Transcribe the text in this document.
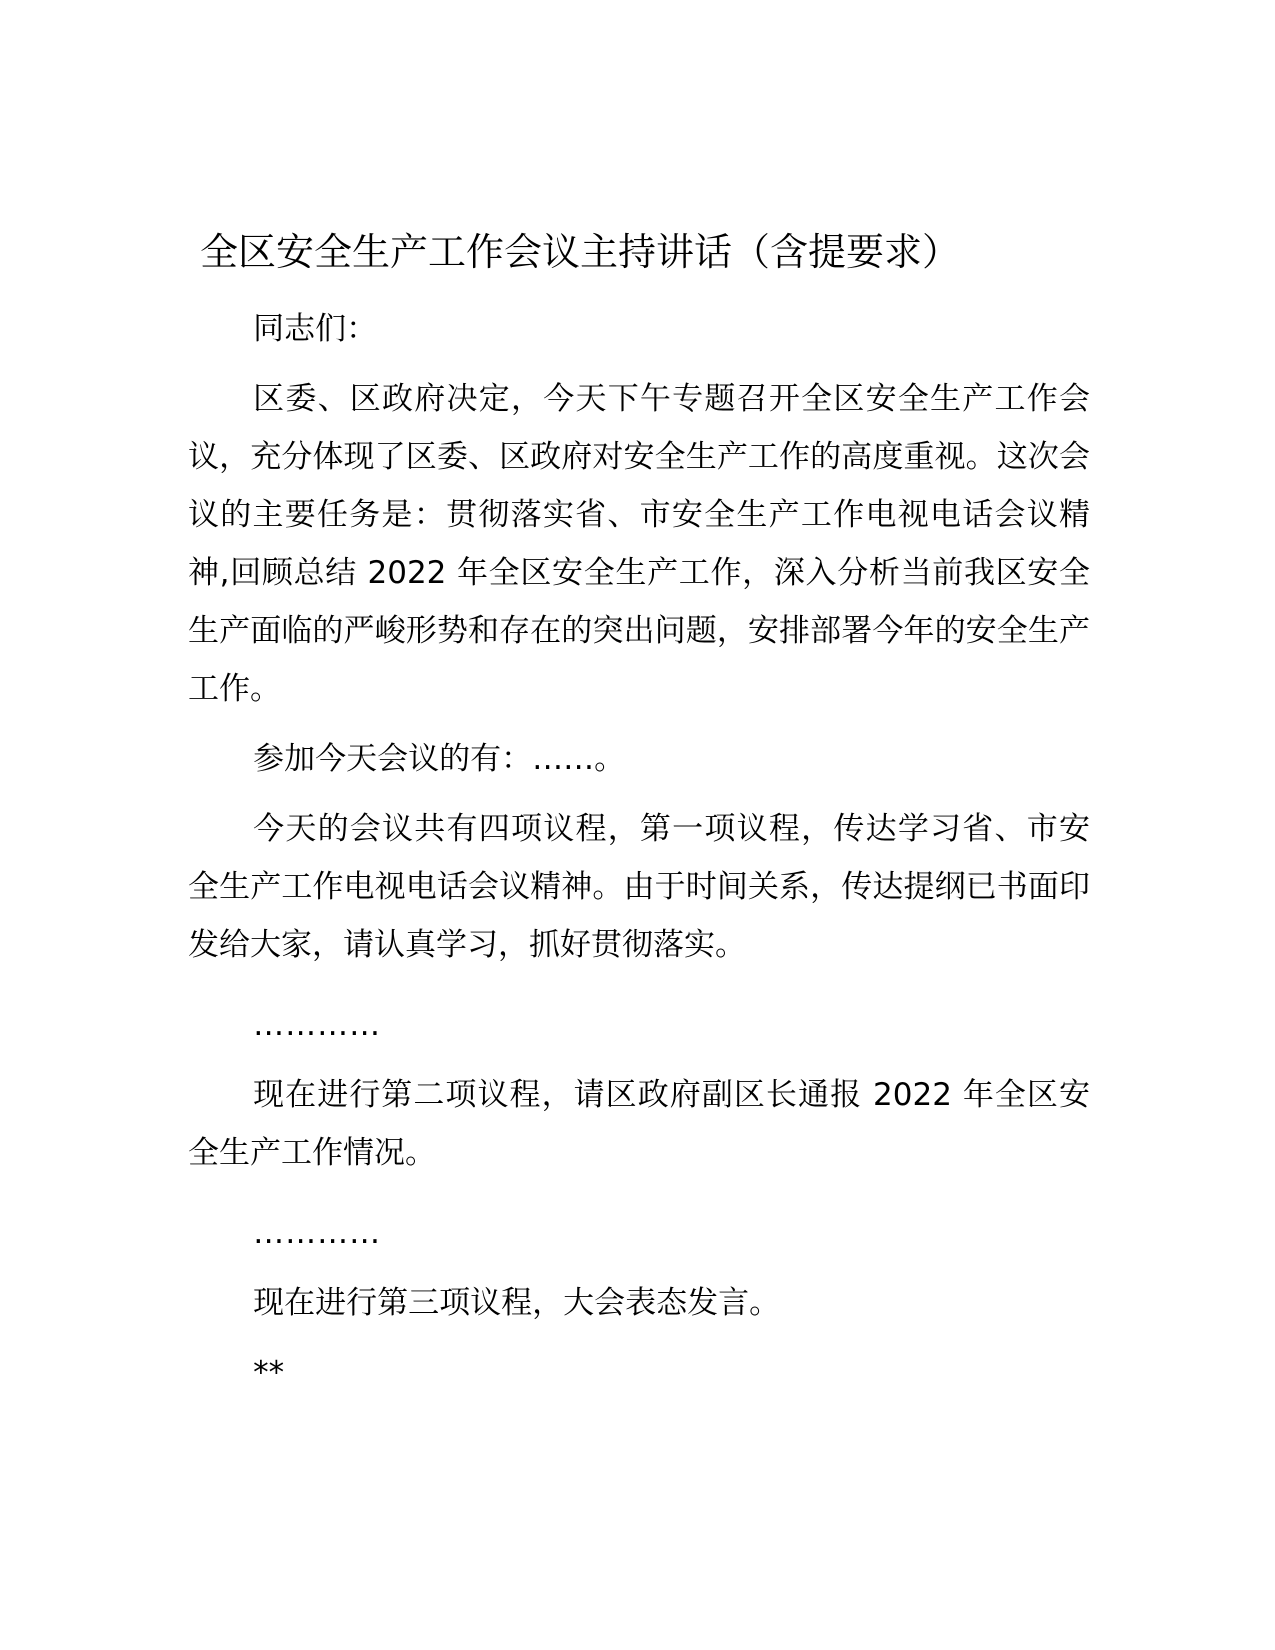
全区安全生产工作会议主持讲话（含提要求）

同志们：

区委、区政府决定，今天下午专题召开全区安全生产工作会议，充分体现了区委、区政府对安全生产工作的高度重视。这次会议的主要任务是：贯彻落实省、市安全生产工作电视电话会议精神,回顾总结 2022 年全区安全生产工作，深入分析当前我区安全生产面临的严峻形势和存在的突出问题，安排部署今年的安全生产工作。

参加今天会议的有：……。

今天的会议共有四项议程，第一项议程，传达学习省、市安全生产工作电视电话会议精神。由于时间关系，传达提纲已书面印发给大家，请认真学习，抓好贯彻落实。

…………

现在进行第二项议程，请区政府副区长通报 2022 年全区安全生产工作情况。

…………

现在进行第三项议程，大会表态发言。

**
